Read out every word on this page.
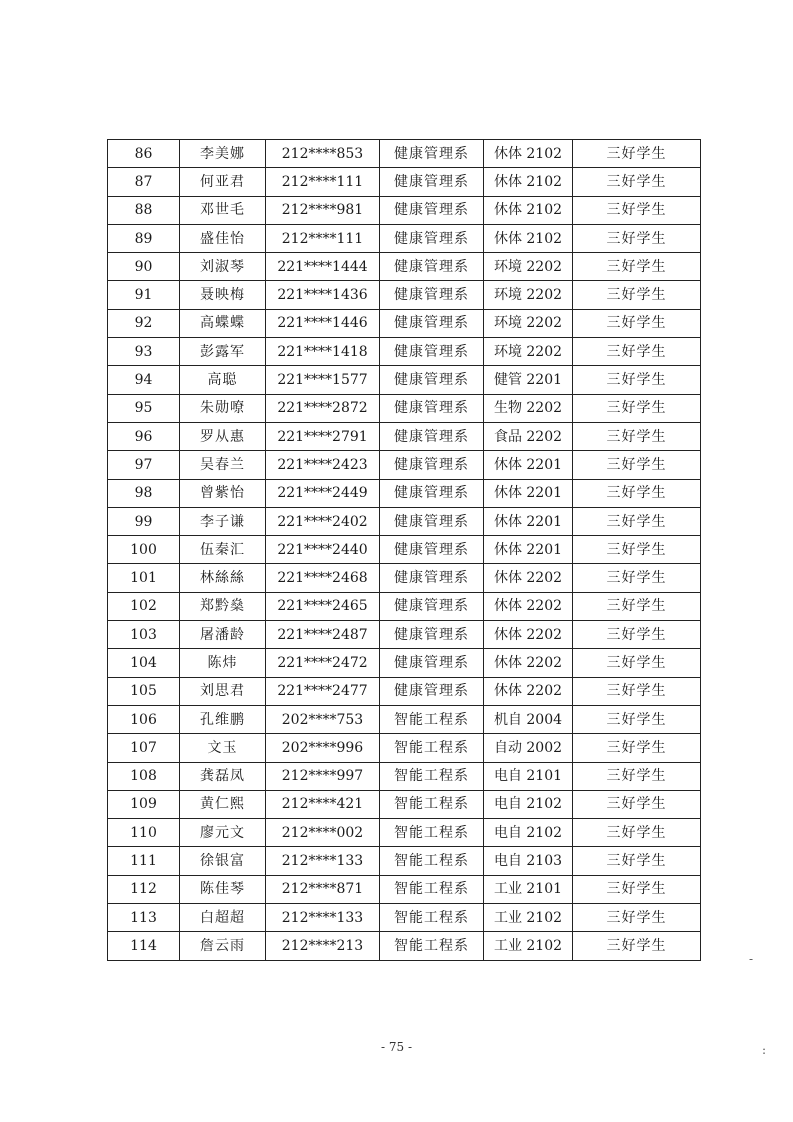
86	李美娜	212****853	健康管理系	休体 2102	三好学生
87	何亚君	212****111	健康管理系	休体 2102	三好学生
88	邓世毛	212****981	健康管理系	休体 2102	三好学生
89	盛佳怡	212****111	健康管理系	休体 2102	三好学生
90	刘淑琴	221****1444	健康管理系	环境 2202	三好学生
91	聂映梅	221****1436	健康管理系	环境 2202	三好学生
92	高蝶蝶	221****1446	健康管理系	环境 2202	三好学生
93	彭露军	221****1418	健康管理系	环境 2202	三好学生
94	高聪	221****1577	健康管理系	健管 2201	三好学生
95	朱勋嘹	221****2872	健康管理系	生物 2202	三好学生
96	罗从惠	221****2791	健康管理系	食品 2202	三好学生
97	吴春兰	221****2423	健康管理系	休体 2201	三好学生
98	曾紫怡	221****2449	健康管理系	休体 2201	三好学生
99	李子谦	221****2402	健康管理系	休体 2201	三好学生
100	伍秦汇	221****2440	健康管理系	休体 2201	三好学生
101	林絲絲	221****2468	健康管理系	休体 2202	三好学生
102	郑黔燊	221****2465	健康管理系	休体 2202	三好学生
103	屠潘龄	221****2487	健康管理系	休体 2202	三好学生
104	陈炜	221****2472	健康管理系	休体 2202	三好学生
105	刘思君	221****2477	健康管理系	休体 2202	三好学生
106	孔维鹏	202****753	智能工程系	机自 2004	三好学生
107	文玉	202****996	智能工程系	自动 2002	三好学生
108	龚磊凤	212****997	智能工程系	电自 2101	三好学生
109	黄仁熙	212****421	智能工程系	电自 2102	三好学生
110	廖元文	212****002	智能工程系	电自 2102	三好学生
111	徐银富	212****133	智能工程系	电自 2103	三好学生
112	陈佳琴	212****871	智能工程系	工业 2101	三好学生
113	白超超	212****133	智能工程系	工业 2102	三好学生
114	詹云雨	212****213	智能工程系	工业 2102	三好学生
- 75 -
-
:
